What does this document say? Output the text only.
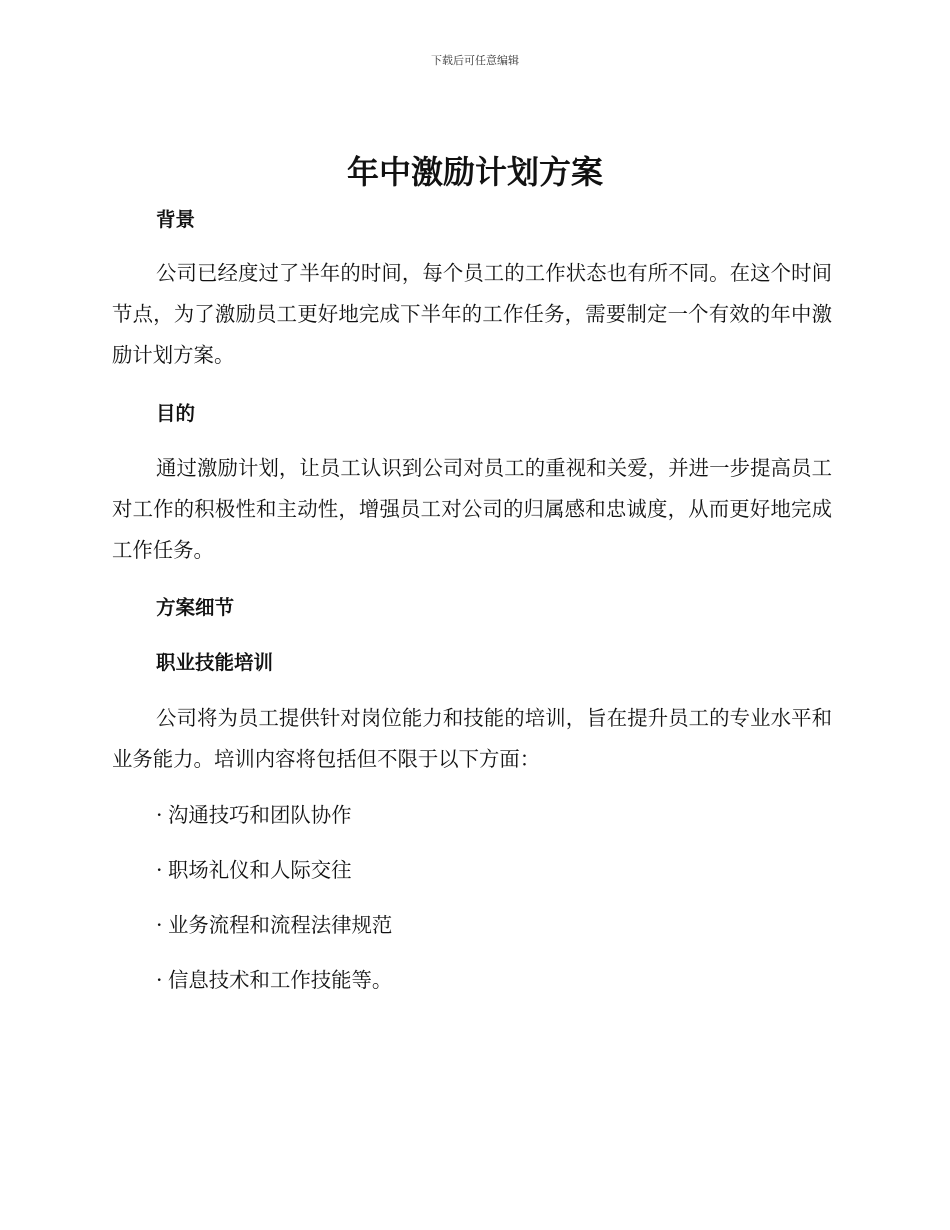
下载后可任意编辑
年中激励计划方案
背景

公司已经度过了半年的时间，每个员工的工作状态也有所不同。在这个时间节点，为了激励员工更好地完成下半年的工作任务，需要制定一个有效的年中激励计划方案。

目的

通过激励计划，让员工认识到公司对员工的重视和关爱，并进一步提高员工对工作的积极性和主动性，增强员工对公司的归属感和忠诚度，从而更好地完成工作任务。

方案细节
职业技能培训

公司将为员工提供针对岗位能力和技能的培训，旨在提升员工的专业水平和业务能力。培训内容将包括但不限于以下方面：

· 沟通技巧和团队协作

· 职场礼仪和人际交往

· 业务流程和流程法律规范

· 信息技术和工作技能等。
